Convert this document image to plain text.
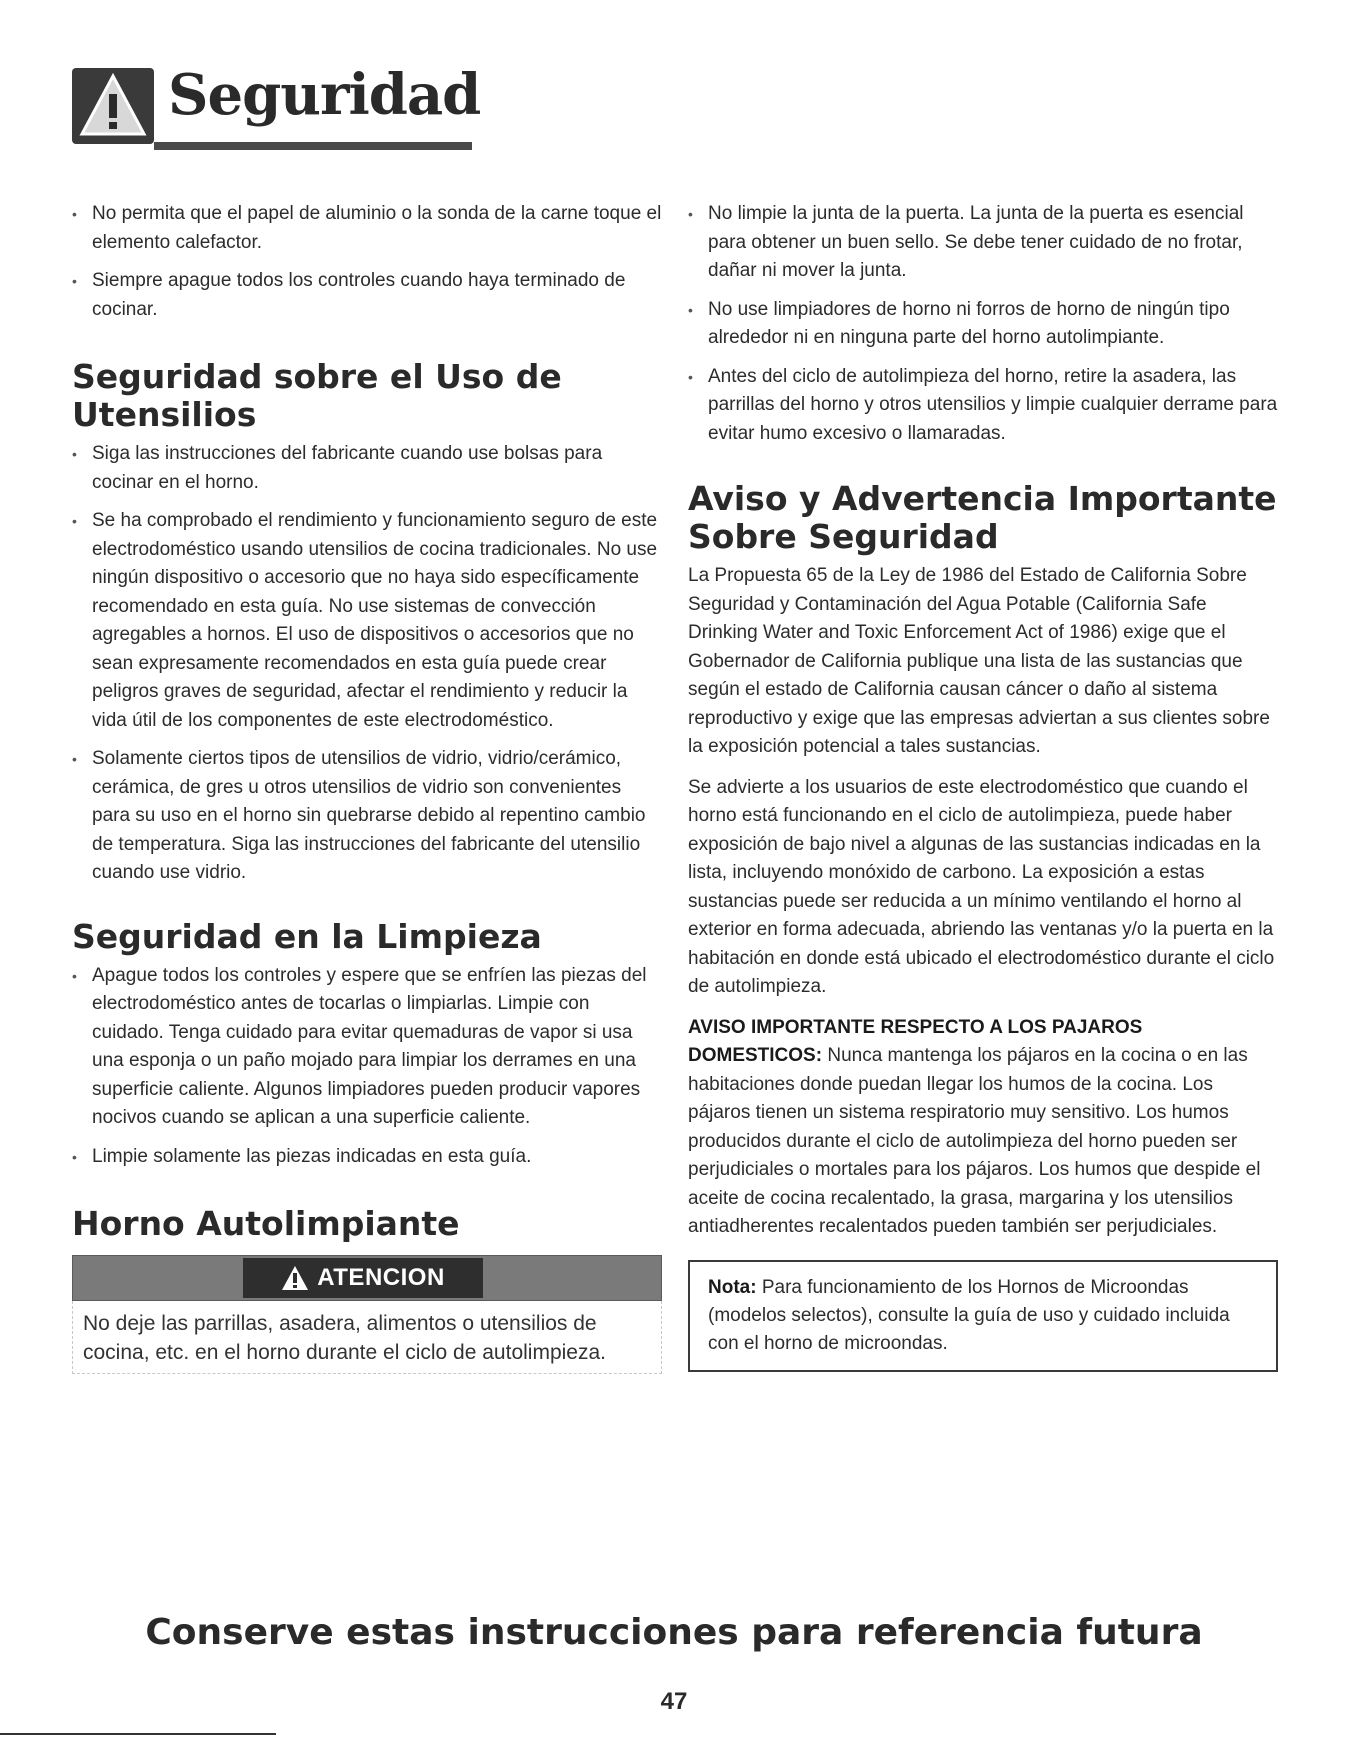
Seguridad
• No permita que el papel de aluminio o la sonda de la carne toque el elemento calefactor.
• Siempre apague todos los controles cuando haya terminado de cocinar.
Seguridad sobre el Uso de Utensilios
• Siga las instrucciones del fabricante cuando use bolsas para cocinar en el horno.
• Se ha comprobado el rendimiento y funcionamiento seguro de este electrodoméstico usando utensilios de cocina tradicionales. No use ningún dispositivo o accesorio que no haya sido específicamente recomendado en esta guía. No use sistemas de convección agregables a hornos. El uso de dispositivos o accesorios que no sean expresamente recomendados en esta guía puede crear peligros graves de seguridad, afectar el rendimiento y reducir la vida útil de los componentes de este electrodoméstico.
• Solamente ciertos tipos de utensilios de vidrio, vidrio/cerámico, cerámica, de gres u otros utensilios de vidrio son convenientes para su uso en el horno sin quebrarse debido al repentino cambio de temperatura. Siga las instrucciones del fabricante del utensilio cuando use vidrio.
Seguridad en la Limpieza
• Apague todos los controles y espere que se enfríen las piezas del electrodoméstico antes de tocarlas o limpiarlas. Limpie con cuidado. Tenga cuidado para evitar quemaduras de vapor si usa una esponja o un paño mojado para limpiar los derrames en una superficie caliente. Algunos limpiadores pueden producir vapores nocivos cuando se aplican a una superficie caliente.
• Limpie solamente las piezas indicadas en esta guía.
Horno Autolimpiante
ATENCION
No deje las parrillas, asadera, alimentos o utensilios de cocina, etc. en el horno durante el ciclo de autolimpieza.
• No limpie la junta de la puerta. La junta de la puerta es esencial para obtener un buen sello. Se debe tener cuidado de no frotar, dañar ni mover la junta.
• No use limpiadores de horno ni forros de horno de ningún tipo alrededor ni en ninguna parte del horno autolimpiante.
• Antes del ciclo de autolimpieza del horno, retire la asadera, las parrillas del horno y otros utensilios y limpie cualquier derrame para evitar humo excesivo o llamaradas.
Aviso y Advertencia Importante Sobre Seguridad

La Propuesta 65 de la Ley de 1986 del Estado de California Sobre Seguridad y Contaminación del Agua Potable (California Safe Drinking Water and Toxic Enforcement Act of 1986) exige que el Gobernador de California publique una lista de las sustancias que según el estado de California causan cáncer o daño al sistema reproductivo y exige que las empresas adviertan a sus clientes sobre la exposición potencial a tales sustancias.

Se advierte a los usuarios de este electrodoméstico que cuando el horno está funcionando en el ciclo de autolimpieza, puede haber exposición de bajo nivel a algunas de las sustancias indicadas en la lista, incluyendo monóxido de carbono. La exposición a estas sustancias puede ser reducida a un mínimo ventilando el horno al exterior en forma adecuada, abriendo las ventanas y/o la puerta en la habitación en donde está ubicado el electrodoméstico durante el ciclo de autolimpieza.

AVISO IMPORTANTE RESPECTO A LOS PAJAROS DOMESTICOS: Nunca mantenga los pájaros en la cocina o en las habitaciones donde puedan llegar los humos de la cocina. Los pájaros tienen un sistema respiratorio muy sensitivo. Los humos producidos durante el ciclo de autolimpieza del horno pueden ser perjudiciales o mortales para los pájaros. Los humos que despide el aceite de cocina recalentado, la grasa, margarina y los utensilios antiadherentes recalentados pueden también ser perjudiciales.

Nota: Para funcionamiento de los Hornos de Microondas (modelos selectos), consulte la guía de uso y cuidado incluida con el horno de microondas.
Conserve estas instrucciones para referencia futura
47
